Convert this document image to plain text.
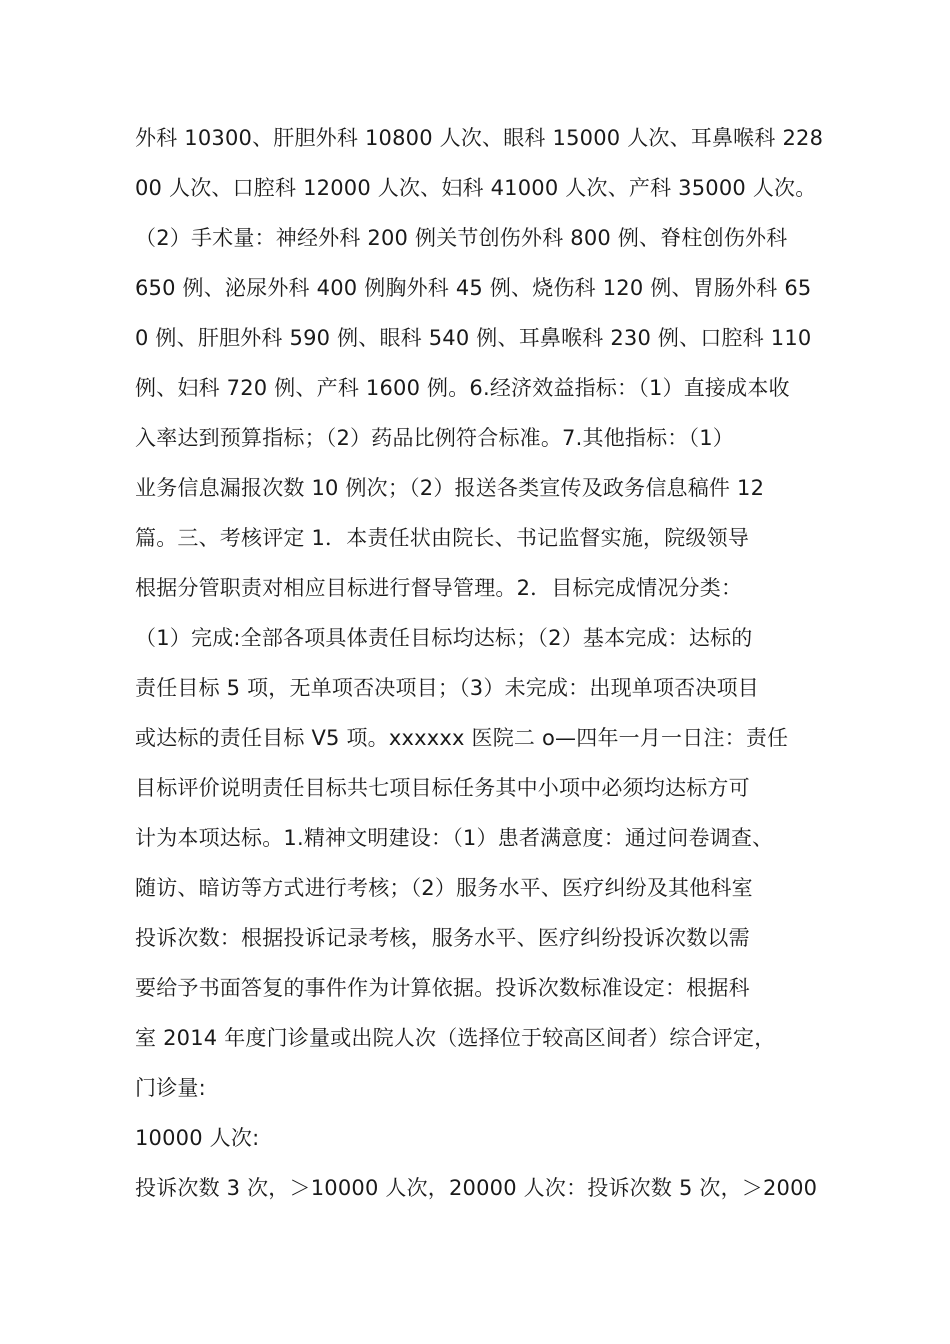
外科 10300、肝胆外科 10800 人次、眼科 15000 人次、耳鼻喉科 228
00 人次、口腔科 12000 人次、妇科 41000 人次、产科 35000 人次。
（2）手术量：神经外科 200 例关节创伤外科 800 例、脊柱创伤外科
650 例、泌尿外科 400 例胸外科 45 例、烧伤科 120 例、胃肠外科 65
0 例、肝胆外科 590 例、眼科 540 例、耳鼻喉科 230 例、口腔科 110
例、妇科 720 例、产科 1600 例。6.经济效益指标：（1）直接成本收
入率达到预算指标；（2）药品比例符合标准。7.其他指标：（1）
业务信息漏报次数 10 例次；（2）报送各类宣传及政务信息稿件 12
篇。三、考核评定 1．本责任状由院长、书记监督实施，院级领导
根据分管职责对相应目标进行督导管理。2．目标完成情况分类：
（1）完成:全部各项具体责任目标均达标；（2）基本完成：达标的
责任目标 5 项，无单项否决项目；（3）未完成：出现单项否决项目
或达标的责任目标 V5 项。xxxxxx 医院二 o—四年一月一日注：责任
目标评价说明责任目标共七项目标任务其中小项中必须均达标方可
计为本项达标。1.精神文明建设：（1）患者满意度：通过问卷调查、
随访、暗访等方式进行考核；（2）服务水平、医疗纠纷及其他科室
投诉次数：根据投诉记录考核，服务水平、医疗纠纷投诉次数以需
要给予书面答复的事件作为计算依据。投诉次数标准设定：根据科
室 2014 年度门诊量或出院人次（选择位于较高区间者）综合评定，
门诊量:
10000 人次:
投诉次数 3 次，＞10000 人次，20000 人次：投诉次数 5 次，＞2000
